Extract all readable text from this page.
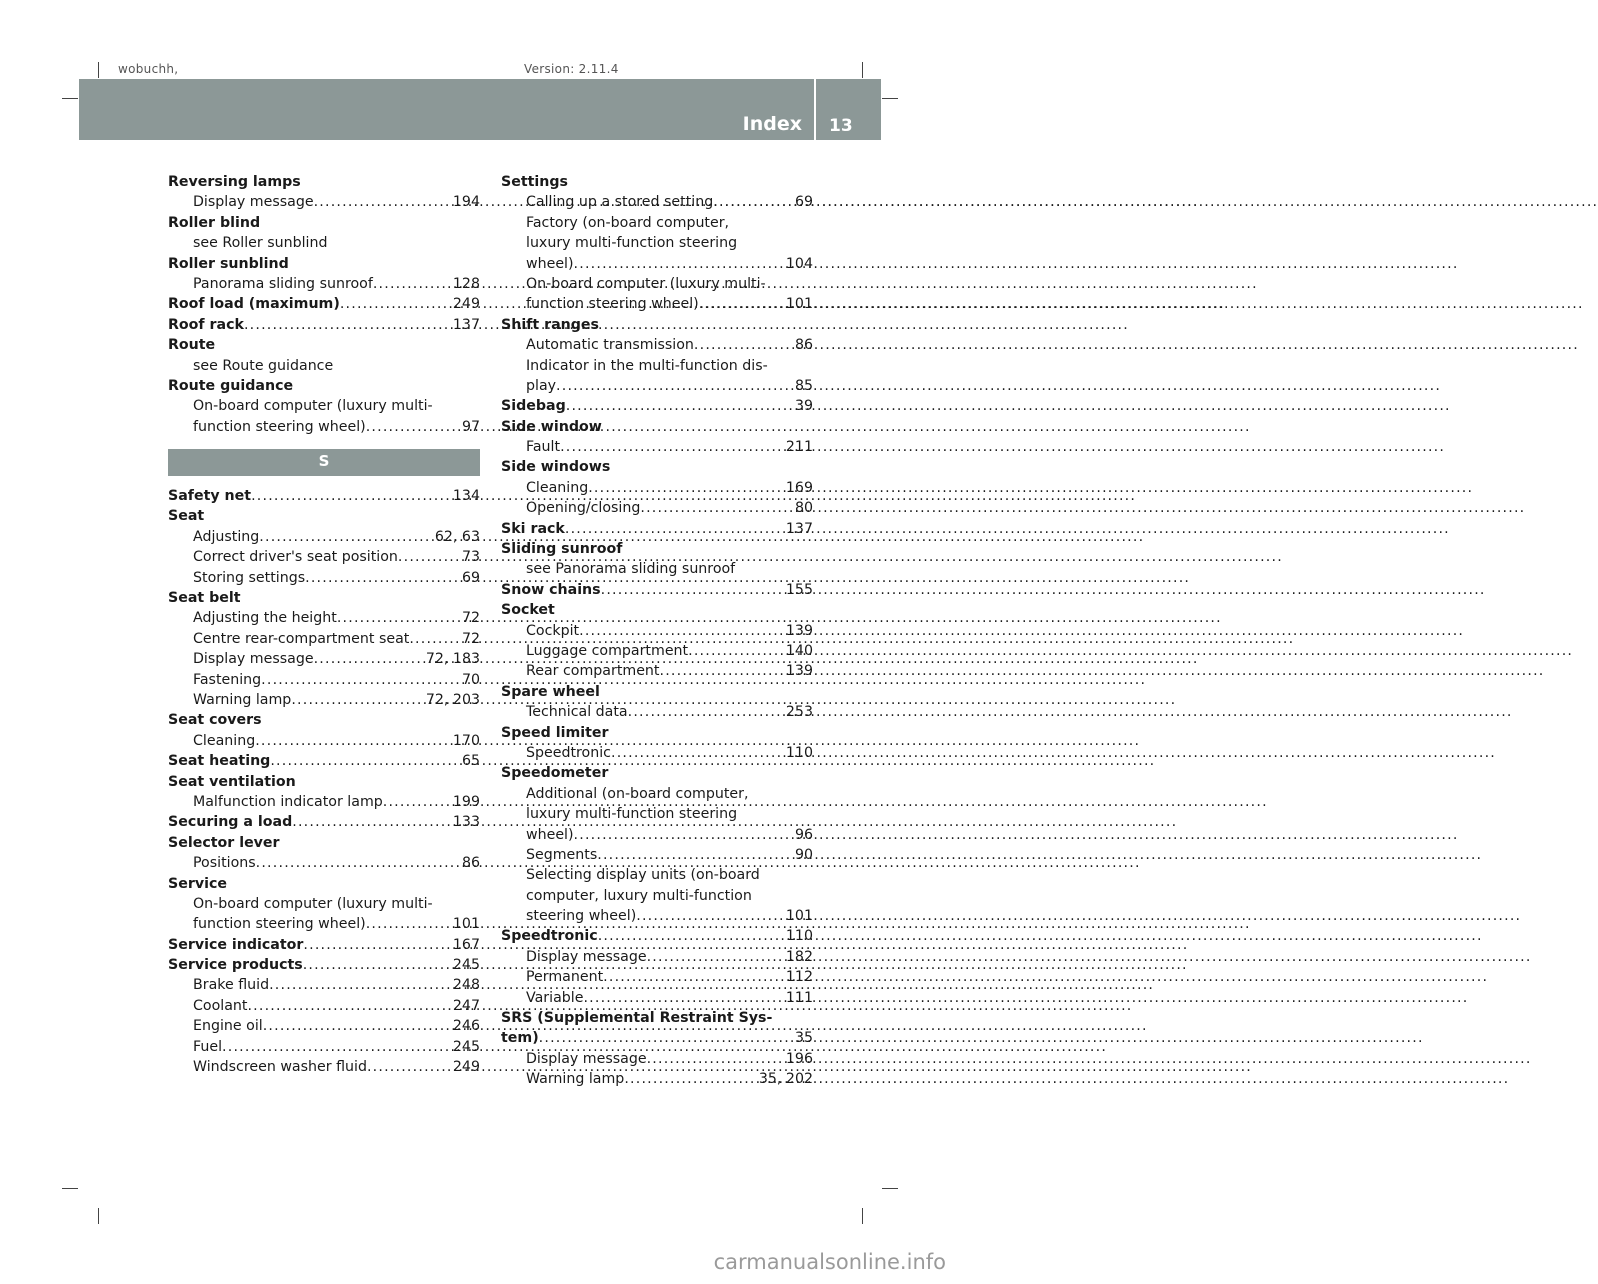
wobuchh,	Version: 2.11.4
Index 13
Reversing lamps
Display message .....	194
Roller blind
see Roller sunblind
Roller sunblind
Panorama sliding sunroof .....	128
Roof load (maximum) .....	249
Roof rack .....	137
Route
see Route guidance
Route guidance
On-board computer (luxury multi-
function steering wheel) .....	97
S
Safety net .....	134
Seat
Adjusting .....	62, 63
Correct driver's seat position .....	73
Storing settings .....	69
Seat belt
Adjusting the height .....	72
Centre rear-compartment seat .....	72
Display message .....	72, 183
Fastening .....	70
Warning lamp .....	72, 203
Seat covers
Cleaning .....	170
Seat heating .....	65
Seat ventilation
Malfunction indicator lamp .....	199
Securing a load .....	133
Selector lever
Positions .....	86
Service
On-board computer (luxury multi-
function steering wheel) .....	101
Service indicator .....	167
Service products .....	245
Brake fluid .....	248
Coolant .....	247
Engine oil .....	246
Fuel .....	245
Windscreen washer fluid .....	249
Settings
Calling up a stored setting .....	69
Factory (on-board computer,
luxury multi-function steering
wheel) .....	104
On-board computer (luxury multi-
function steering wheel) .....	101
Shift ranges
Automatic transmission .....	86
Indicator in the multi-function dis-
play .....	85
Sidebag .....	39
Side window
Fault .....	211
Side windows
Cleaning .....	169
Opening/closing .....	80
Ski rack .....	137
Sliding sunroof
see Panorama sliding sunroof
Snow chains .....	155
Socket
Cockpit .....	139
Luggage compartment .....	140
Rear compartment .....	139
Spare wheel
Technical data .....	253
Speed limiter
Speedtronic .....	110
Speedometer
Additional (on-board computer,
luxury multi-function steering
wheel) .....	96
Segments .....	90
Selecting display units (on-board
computer, luxury multi-function
steering wheel) .....	101
Speedtronic .....	110
Display message .....	182
Permanent .....	112
Variable .....	111
SRS (Supplemental Restraint Sys-
tem) .....	35
Display message .....	196
Warning lamp .....	35, 202
carmanualsonline.info
